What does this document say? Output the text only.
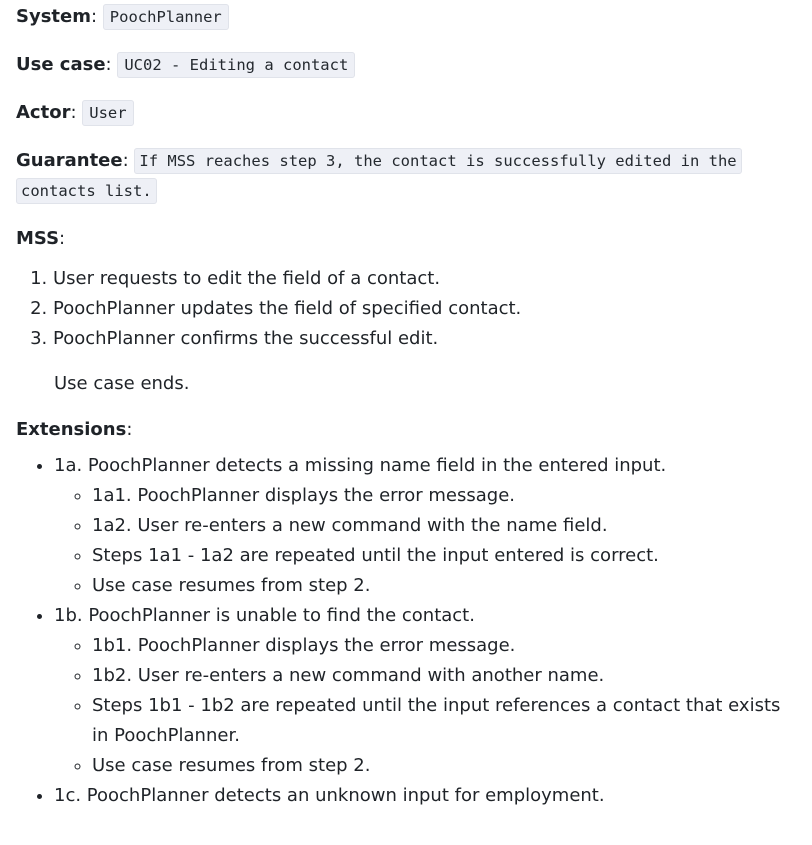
System: PoochPlanner
Use case: UC02 - Editing a contact
Actor: User
Guarantee: If MSS reaches step 3, the contact is successfully edited in the contacts list.
MSS:
1. User requests to edit the field of a contact.
2. PoochPlanner updates the field of specified contact.
3. PoochPlanner confirms the successful edit.
Use case ends.
Extensions:
• 1a. PoochPlanner detects a missing name field in the entered input.
◦ 1a1. PoochPlanner displays the error message.
◦ 1a2. User re-enters a new command with the name field.
◦ Steps 1a1 - 1a2 are repeated until the input entered is correct.
◦ Use case resumes from step 2.
• 1b. PoochPlanner is unable to find the contact.
◦ 1b1. PoochPlanner displays the error message.
◦ 1b2. User re-enters a new command with another name.
◦ Steps 1b1 - 1b2 are repeated until the input references a contact that exists in PoochPlanner.
◦ Use case resumes from step 2.
• 1c. PoochPlanner detects an unknown input for employment.
